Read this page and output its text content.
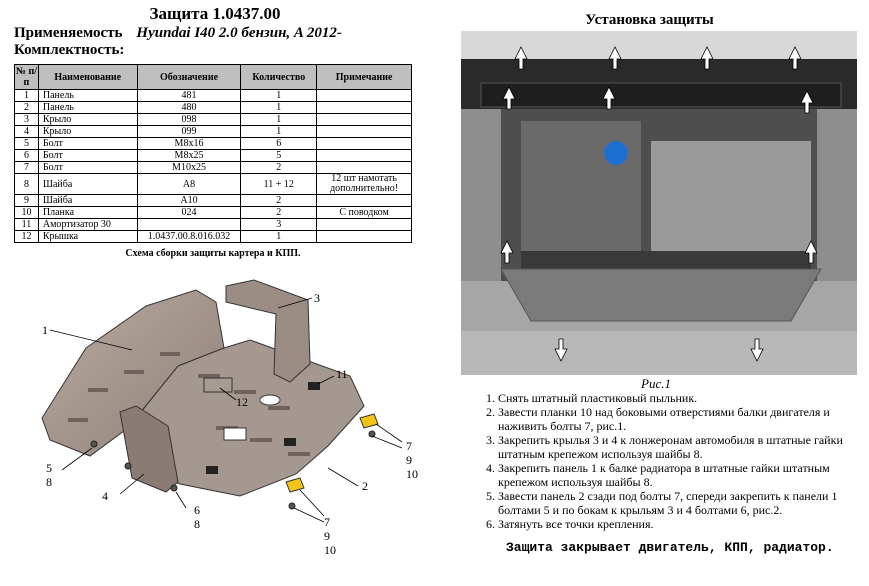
Защита 1.0437.00
Применяемость Hyundai I40 2.0 бензин, A 2012-
Комплектность:
№ п/п	Наименование	Обозначение	Количество	Примечание
1	Панель	481	1	
2	Панель	480	1	
3	Крыло	098	1	
4	Крыло	099	1	
5	Болт	M8x16	6	
6	Болт	M8x25	5	
7	Болт	M10x25	2	
8	Шайба	A8	11 + 12	12 шт намотать дополнительно!
9	Шайба	A10	2	
10	Планка	024	2	С поводком
11	Амортизатор 30		3	
12	Крышка	1.0437.00.8.016.032	1	
Схема сборки защиты картера и КПП.
1
3
11
12
4
2
5
8
6
8
7
9
10
7
9
10
Установка защиты
Рис.1
1. Снять штатный пластиковый пыльник.
2. Завести планки 10 над боковыми отверстиями балки двигателя и наживить болты 7, рис.1.
3. Закрепить крылья 3 и 4 к лонжеронам автомобиля в штатные гайки штатным крепежом используя шайбы 8.
4. Закрепить панель 1 к балке радиатора в штатные гайки штатным крепежом используя шайбы 8.
5. Завести панель 2 сзади под болты 7, спереди закрепить к панели 1 болтами 5 и по бокам к крыльям 3 и 4 болтами 6, рис.2.
6. Затянуть все точки крепления.
Защита закрывает двигатель, КПП, радиатор.
